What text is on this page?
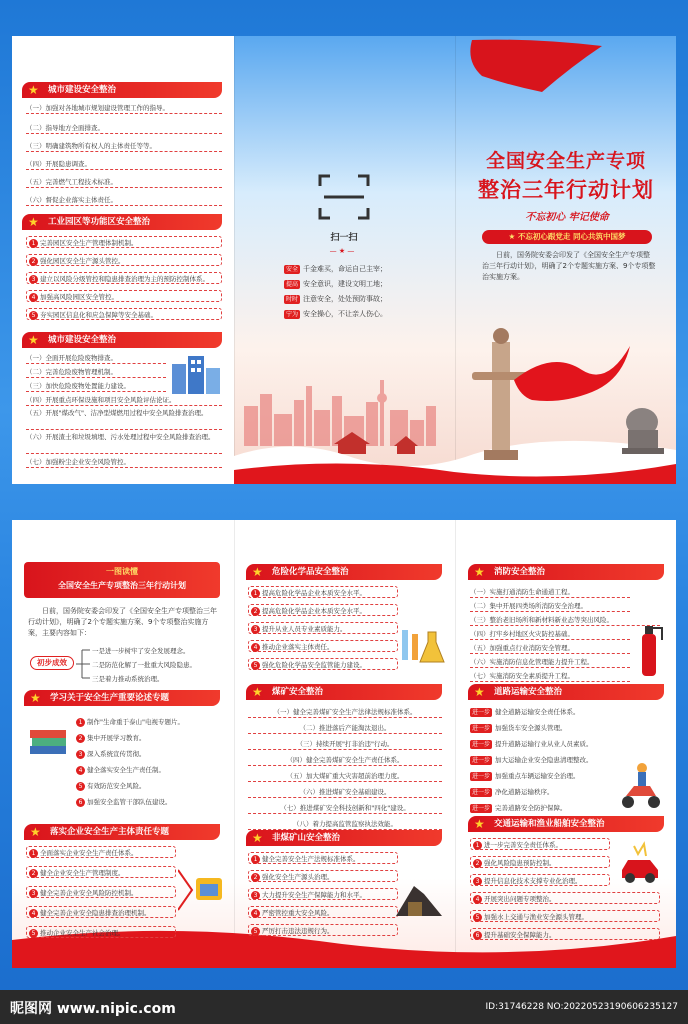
★ 城市建设安全整治
（一）加强对各地城市规划建设管理工作的指导。
（二）指导地方全面排查。
（三）明确建筑物所有权人的主体责任等等。
（四）开展隐患调查。
（五）完善燃气工程技术标准。
（六）督促企业落实主体责任。
★ 工业园区等功能区安全整治
1 完善园区安全生产管理体制机制。
2 强化园区安全生产源头管控。
3 建立以风险分级管控和隐患排查治理为主的预防控制体系。
4 加强高风险园区安全管控。
5 夯实园区信息化和应急保障等安全基础。
★ 城市建设安全整治
（一）全面开展危险废物排查。
（二）完善危险废物管理机制。
（三）加快危险废物处置能力建设。
（四）开展重点环保设施和项目安全风险评估论证。
（五）开展"煤改气"、洁净型煤燃用过程中安全风险排查治理。
（六）开展渣土和垃圾填埋、污水处理过程中安全风险排查治理。
（七）加强粉尘企业安全风险管控。
扫一扫
— ★ —
安全 千金难买，命运自己主宰；
提高 安全意识，建设文明工地；
时时 注意安全，处处预防事故；
宁为 安全操心，不让亲人伤心。
全国安全生产专项
整治三年行动计划
不忘初心 牢记使命
★ 不忘初心跟党走 同心共筑中国梦
日前，国务院安委会印发了《全国安全生产专项整治三年行动计划》，明确了2个专题实施方案、9个专项整治实施方案。
一图读懂
全国安全生产专项整治三年行动计划
日前，国务院安委会印发了《全国安全生产专项整治三年行动计划》，明确了2个专题实施方案、9个专项整治实施方案，主要内容如下：
初步成效
一是进一步树牢了安全发展理念。
二是防范化解了一批重大风险隐患。
三是着力推动系统治理。
★ 学习关于安全生产重要论述专题
1 制作"生命重于泰山"电视专题片。
2 集中开展学习教育。
3 深入系统宣传贯彻。
4 健全落实安全生产责任制。
5 有效防范安全风险。
6 加强安全监管干部队伍建设。
★ 落实企业安全生产主体责任专题
1 全面落实企业安全生产责任体系。
2 健全企业安全生产管理制度。
3 健全完善企业安全风险防控机制。
4 健全完善企业安全隐患排查治理机制。
5 推动企业安全生产社会治理。
★ 危险化学品安全整治
1 提高危险化学品企业本质安全水平。
2 提高危险化学品企业本质安全水平。
3 提升从业人员专业素质能力。
4 推动企业落实主体责任。
5 强化危险化学品安全监管能力建设。
★ 煤矿安全整治
（一）健全完善煤矿安全生产法律法规标准体系。
（二）推进落后产能淘汰退出。
（三）持续开展"打非治违"行动。
（四）健全完善煤矿安全生产责任体系。
（五）加大煤矿重大灾害超前治理力度。
（六）推进煤矿安全基础建设。
（七）推进煤矿安全科技创新和"四化"建设。
（八）着力提高监管监察执法效能。
★ 非煤矿山安全整治
1 健全完善安全生产法规标准体系。
2 强化安全生产源头治理。
3 大力提升安全生产保障能力和水平。
4 严密管控重大安全风险。
5 严厉打击违法违规行为。
★ 消防安全整治
（一）实施打通消防生命通道工程。
（二）集中开展四类场所消防安全治理。
（三）整治老旧场所和新材料新业态等突出风险。
（四）打牢乡村地区火灾防控基础。
（五）加强重点行业消防安全管理。
（六）实施消防信息化管理能力提升工程。
（七）实施消防安全素质提升工程。
★ 道路运输安全整治
进一步 健全道路运输安全责任体系。
进一步 加强货车安全源头管理。
进一步 提升道路运输行业从业人员素质。
进一步 加大运输企业安全隐患清理整改。
进一步 加强重点车辆运输安全治理。
进一步 净化道路运输秩序。
进一步 完善道路安全防护保障。
★ 交通运输和渔业船舶安全整治
1 进一步完善安全责任体系。
2 强化风险隐患预防控制。
3 提升信息化技术支撑专业化治理。
4 开展突出问题专项整治。
5 加强水上交通与渔业安全源头管理。
6 提升基础安全保障能力。
昵图网 www.nipic.com	ID:31746228 NO:20220523190606235127
